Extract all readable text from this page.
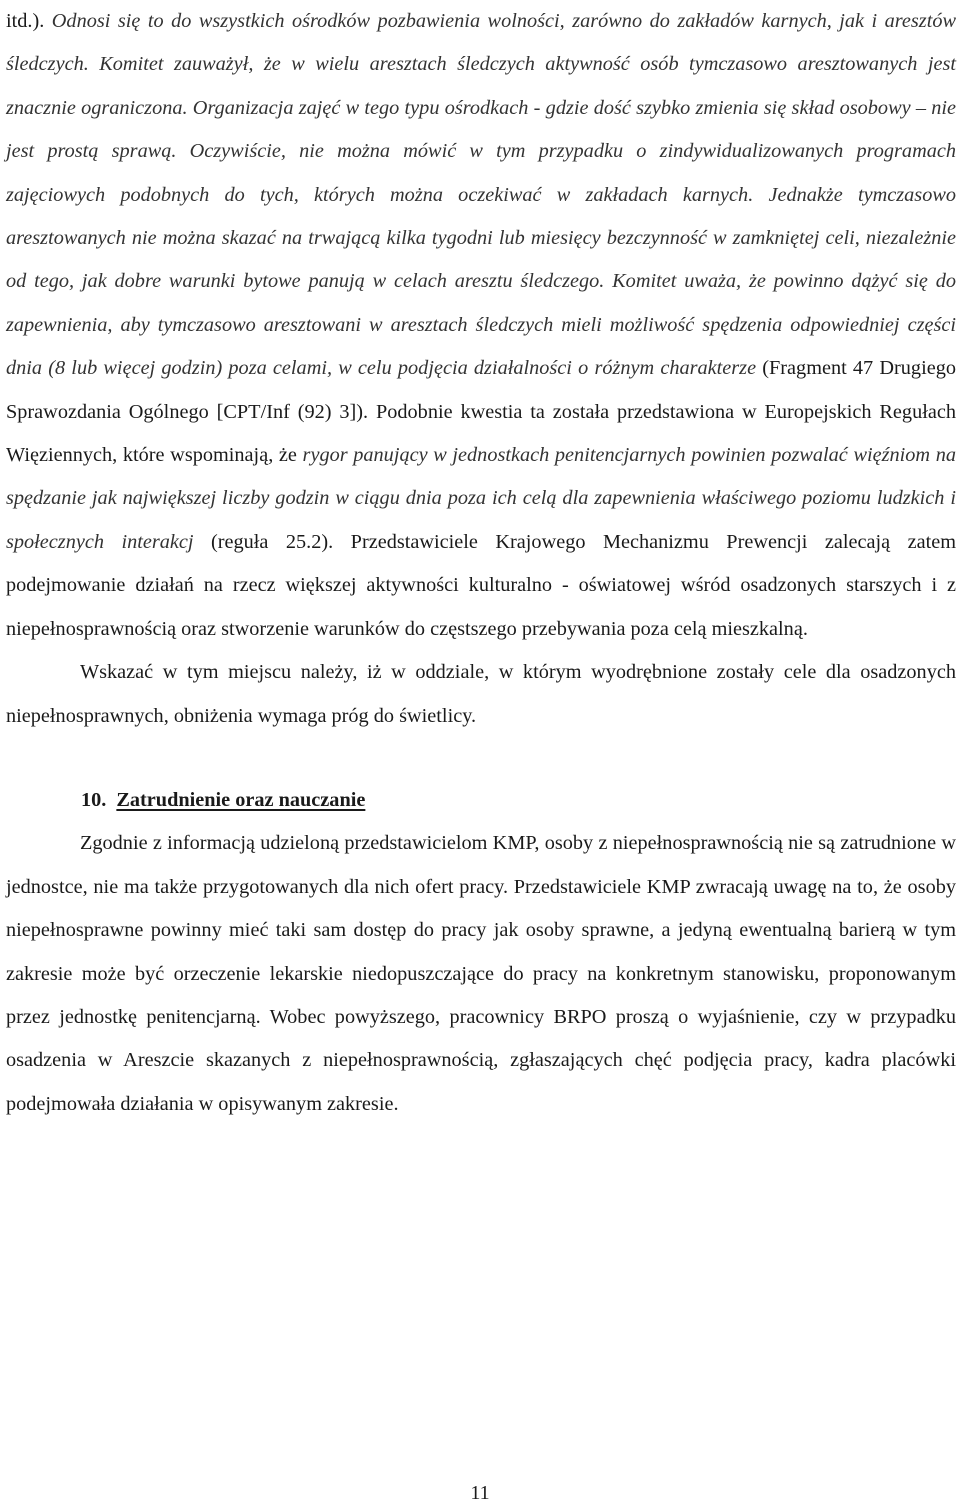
itd.). Odnosi się to do wszystkich ośrodków pozbawienia wolności, zarówno do zakładów karnych, jak i aresztów śledczych. Komitet zauważył, że w wielu aresztach śledczych aktywność osób tymczasowo aresztowanych jest znacznie ograniczona. Organizacja zajęć w tego typu ośrodkach - gdzie dość szybko zmienia się skład osobowy – nie jest prostą sprawą. Oczywiście, nie można mówić w tym przypadku o zindywidualizowanych programach zajęciowych podobnych do tych, których można oczekiwać w zakładach karnych. Jednakże tymczasowo aresztowanych nie można skazać na trwającą kilka tygodni lub miesięcy bezczynność w zamkniętej celi, niezależnie od tego, jak dobre warunki bytowe panują w celach aresztu śledczego. Komitet uważa, że powinno dążyć się do zapewnienia, aby tymczasowo aresztowani w aresztach śledczych mieli możliwość spędzenia odpowiedniej części dnia (8 lub więcej godzin) poza celami, w celu podjęcia działalności o różnym charakterze (Fragment 47 Drugiego Sprawozdania Ogólnego [CPT/Inf (92) 3]). Podobnie kwestia ta została przedstawiona w Europejskich Regułach Więziennych, które wspominają, że rygor panujący w jednostkach penitencjarnych powinien pozwalać więźniom na spędzanie jak największej liczby godzin w ciągu dnia poza ich celą dla zapewnienia właściwego poziomu ludzkich i społecznych interakcj (reguła 25.2). Przedstawiciele Krajowego Mechanizmu Prewencji zalecają zatem podejmowanie działań na rzecz większej aktywności kulturalno - oświatowej wśród osadzonych starszych i z niepełnosprawnością oraz stworzenie warunków do częstszego przebywania poza celą mieszkalną.

Wskazać w tym miejscu należy, iż w oddziale, w którym wyodrębnione zostały cele dla osadzonych niepełnosprawnych, obniżenia wymaga próg do świetlicy.

10. Zatrudnienie oraz nauczanie

Zgodnie z informacją udzieloną przedstawicielom KMP, osoby z niepełnosprawnością nie są zatrudnione w jednostce, nie ma także przygotowanych dla nich ofert pracy. Przedstawiciele KMP zwracają uwagę na to, że osoby niepełnosprawne powinny mieć taki sam dostęp do pracy jak osoby sprawne, a jedyną ewentualną barierą w tym zakresie może być orzeczenie lekarskie niedopuszczające do pracy na konkretnym stanowisku, proponowanym przez jednostkę penitencjarną. Wobec powyższego, pracownicy BRPO proszą o wyjaśnienie, czy w przypadku osadzenia w Areszcie skazanych z niepełnosprawnością, zgłaszających chęć podjęcia pracy, kadra placówki podejmowała działania w opisywanym zakresie.

11
